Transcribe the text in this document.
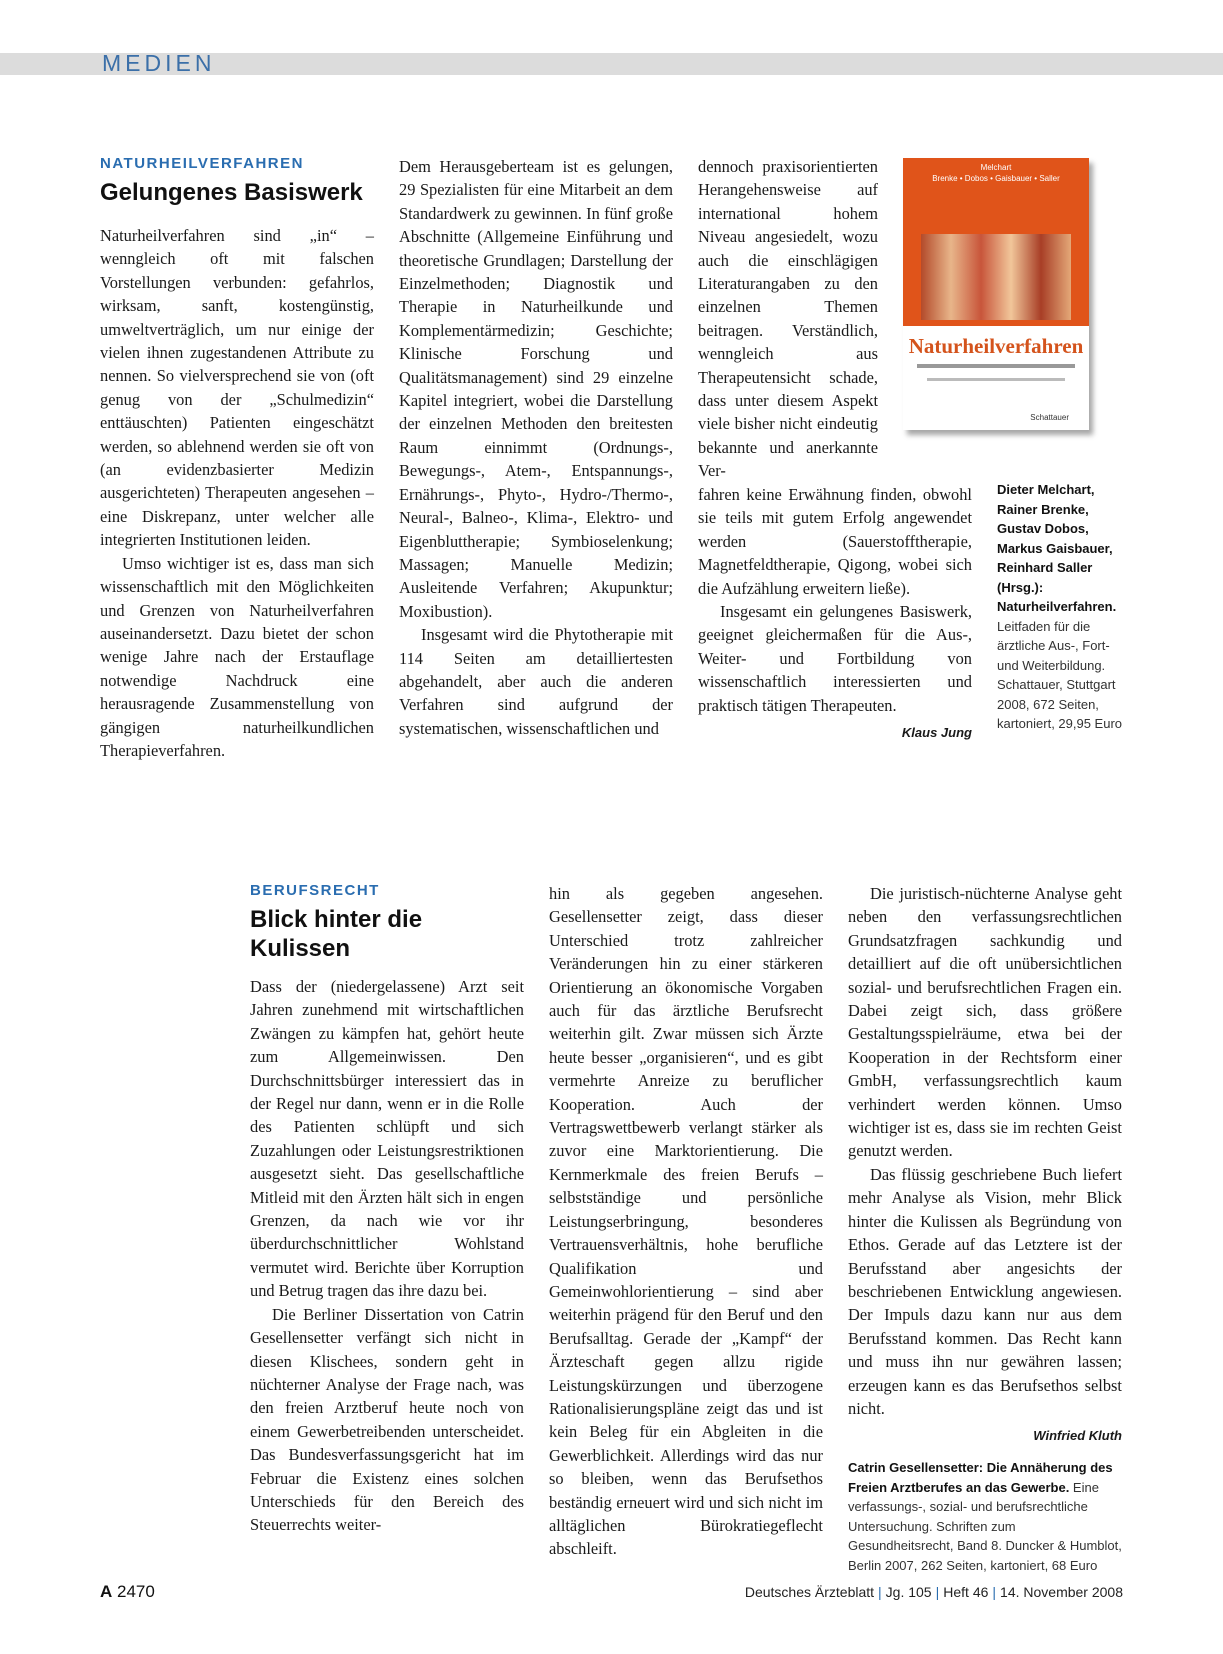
MEDIEN
NATURHEILVERFAHREN
Gelungenes Basiswerk

Naturheilverfahren sind „in“ – wenngleich oft mit falschen Vorstellungen verbunden: gefahrlos, wirksam, sanft, kostengünstig, umweltverträglich, um nur einige der vielen ihnen zugestandenen Attribute zu nennen. So vielversprechend sie von (oft genug von der „Schulmedizin“ enttäuschten) Patienten eingeschätzt werden, so ablehnend werden sie oft von (an evidenzbasierter Medizin ausgerichteten) Therapeuten angesehen – eine Diskrepanz, unter welcher alle integrierten Institutionen leiden.

Umso wichtiger ist es, dass man sich wissenschaftlich mit den Möglichkeiten und Grenzen von Naturheilverfahren auseinandersetzt. Dazu bietet der schon wenige Jahre nach der Erstauflage notwendige Nachdruck eine herausragende Zusammenstellung von gängigen naturheilkundlichen Therapieverfahren.

Dem Herausgeberteam ist es gelungen, 29 Spezialisten für eine Mitarbeit an dem Standardwerk zu gewinnen. In fünf große Abschnitte (Allgemeine Einführung und theoretische Grundlagen; Darstellung der Einzelmethoden; Diagnostik und Therapie in Naturheilkunde und Komplementärmedizin; Geschichte; Klinische Forschung und Qualitätsmanagement) sind 29 einzelne Kapitel integriert, wobei die Darstellung der einzelnen Methoden den breitesten Raum einnimmt (Ordnungs-, Bewegungs-, Atem-, Entspannungs-, Ernährungs-, Phyto-, Hydro-/Thermo-, Neural-, Balneo-, Klima-, Elektro- und Eigenbluttherapie; Symbioselenkung; Massagen; Manuelle Medizin; Ausleitende Verfahren; Akupunktur; Moxibustion).

Insgesamt wird die Phytotherapie mit 114 Seiten am detailliertesten abgehandelt, aber auch die anderen Verfahren sind aufgrund der systematischen, wissenschaftlichen und

dennoch praxisorientierten Herangehensweise auf international hohem Niveau angesiedelt, wozu auch die einschlägigen Literaturangaben zu den einzelnen Themen beitragen. Verständlich, wenngleich aus Therapeutensicht schade, dass unter diesem Aspekt viele bisher nicht eindeutig bekannte und anerkannte Ver-

fahren keine Erwähnung finden, obwohl sie teils mit gutem Erfolg angewendet werden (Sauerstofftherapie, Magnetfeldtherapie, Qigong, wobei sich die Aufzählung erweitern ließe).

Insgesamt ein gelungenes Basiswerk, geeignet gleichermaßen für die Aus-, Weiter- und Fortbildung von wissenschaftlich interessierten und praktisch tätigen Therapeuten.

Klaus Jung
Melchart
Brenke • Dobos • Gaisbauer • Saller
Naturheilverfahren
Schattauer
Dieter Melchart, Rainer Brenke, Gustav Dobos, Markus Gaisbauer, Reinhard Saller (Hrsg.): Naturheilverfahren. Leitfaden für die ärztliche Aus-, Fort- und Weiterbildung. Schattauer, Stuttgart 2008, 672 Seiten, kartoniert, 29,95 Euro
BERUFSRECHT
Blick hinter die Kulissen

Dass der (niedergelassene) Arzt seit Jahren zunehmend mit wirtschaftlichen Zwängen zu kämpfen hat, gehört heute zum Allgemeinwissen. Den Durchschnittsbürger interessiert das in der Regel nur dann, wenn er in die Rolle des Patienten schlüpft und sich Zuzahlungen oder Leistungsrestriktionen ausgesetzt sieht. Das gesellschaftliche Mitleid mit den Ärzten hält sich in engen Grenzen, da nach wie vor ihr überdurchschnittlicher Wohlstand vermutet wird. Berichte über Korruption und Betrug tragen das ihre dazu bei.

Die Berliner Dissertation von Catrin Gesellensetter verfängt sich nicht in diesen Klischees, sondern geht in nüchterner Analyse der Frage nach, was den freien Arztberuf heute noch von einem Gewerbetreibenden unterscheidet. Das Bundesverfassungsgericht hat im Februar die Existenz eines solchen Unterschieds für den Bereich des Steuerrechts weiter-

hin als gegeben angesehen. Gesellensetter zeigt, dass dieser Unterschied trotz zahlreicher Veränderungen hin zu einer stärkeren Orientierung an ökonomische Vorgaben auch für das ärztliche Berufsrecht weiterhin gilt. Zwar müssen sich Ärzte heute besser „organisieren“, und es gibt vermehrte Anreize zu beruflicher Kooperation. Auch der Vertragswettbewerb verlangt stärker als zuvor eine Marktorientierung. Die Kernmerkmale des freien Berufs – selbstständige und persönliche Leistungserbringung, besonderes Vertrauensverhältnis, hohe berufliche Qualifikation und Gemeinwohlorientierung – sind aber weiterhin prägend für den Beruf und den Berufsalltag. Gerade der „Kampf“ der Ärzteschaft gegen allzu rigide Leistungskürzungen und überzogene Rationalisierungspläne zeigt das und ist kein Beleg für ein Abgleiten in die Gewerblichkeit. Allerdings wird das nur so bleiben, wenn das Berufsethos beständig erneuert wird und sich nicht im alltäglichen Bürokratiegeflecht abschleift.

Die juristisch-nüchterne Analyse geht neben den verfassungsrechtlichen Grundsatzfragen sachkundig und detailliert auf die oft unübersichtlichen sozial- und berufsrechtlichen Fragen ein. Dabei zeigt sich, dass größere Gestaltungsspielräume, etwa bei der Kooperation in der Rechtsform einer GmbH, verfassungsrechtlich kaum verhindert werden können. Umso wichtiger ist es, dass sie im rechten Geist genutzt werden.

Das flüssig geschriebene Buch liefert mehr Analyse als Vision, mehr Blick hinter die Kulissen als Begründung von Ethos. Gerade auf das Letztere ist der Berufsstand aber angesichts der beschriebenen Entwicklung angewiesen. Der Impuls dazu kann nur aus dem Berufsstand kommen. Das Recht kann und muss ihn nur gewähren lassen; erzeugen kann es das Berufsethos selbst nicht.

Winfried Kluth
Catrin Gesellensetter: Die Annäherung des Freien Arztberufes an das Gewerbe. Eine verfassungs-, sozial- und berufsrechtliche Untersuchung. Schriften zum Gesundheitsrecht, Band 8. Duncker & Humblot, Berlin 2007, 262 Seiten, kartoniert, 68 Euro
A 2470	Deutsches Ärzteblatt | Jg. 105 | Heft 46 | 14. November 2008
